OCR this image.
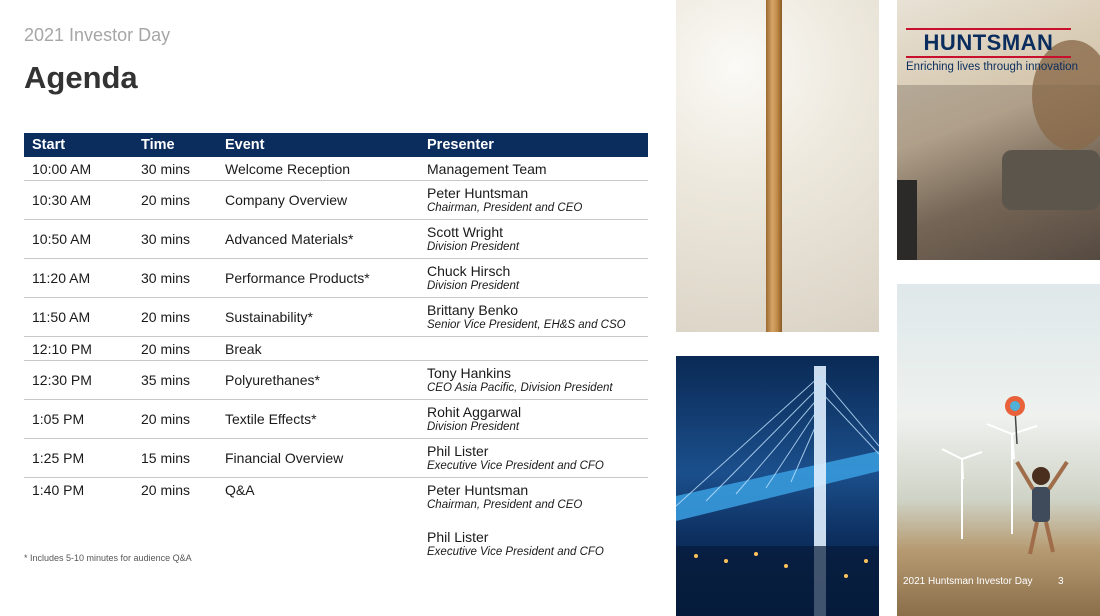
2021 Investor Day
Agenda
Start	Time	Event	Presenter
10:00 AM	30 mins	Welcome Reception	Management Team

10:30 AM	20 mins	Company Overview	Peter Huntsman
Chairman, President and CEO

10:50 AM	30 mins	Advanced Materials*	Scott Wright
Division President

11:20 AM	30 mins	Performance Products*	Chuck Hirsch
Division President

11:50 AM	20 mins	Sustainability*	Brittany Benko
Senior Vice President, EH&S and CSO

12:10 PM	20 mins	Break	
12:30 PM	35 mins	Polyurethanes*	Tony Hankins
CEO Asia Pacific, Division President

1:05 PM	20 mins	Textile Effects*	Rohit Aggarwal
Division President

1:25 PM	15 mins	Financial Overview	Phil Lister
Executive Vice President and CFO

1:40 PM	20 mins	Q&A	Peter Huntsman
Chairman, President and CEO
Phil Lister
Executive Vice President and CFO
* Includes 5-10 minutes for audience Q&A
HUNTSMAN
Enriching lives through innovation
2021 Huntsman Investor Day	3
